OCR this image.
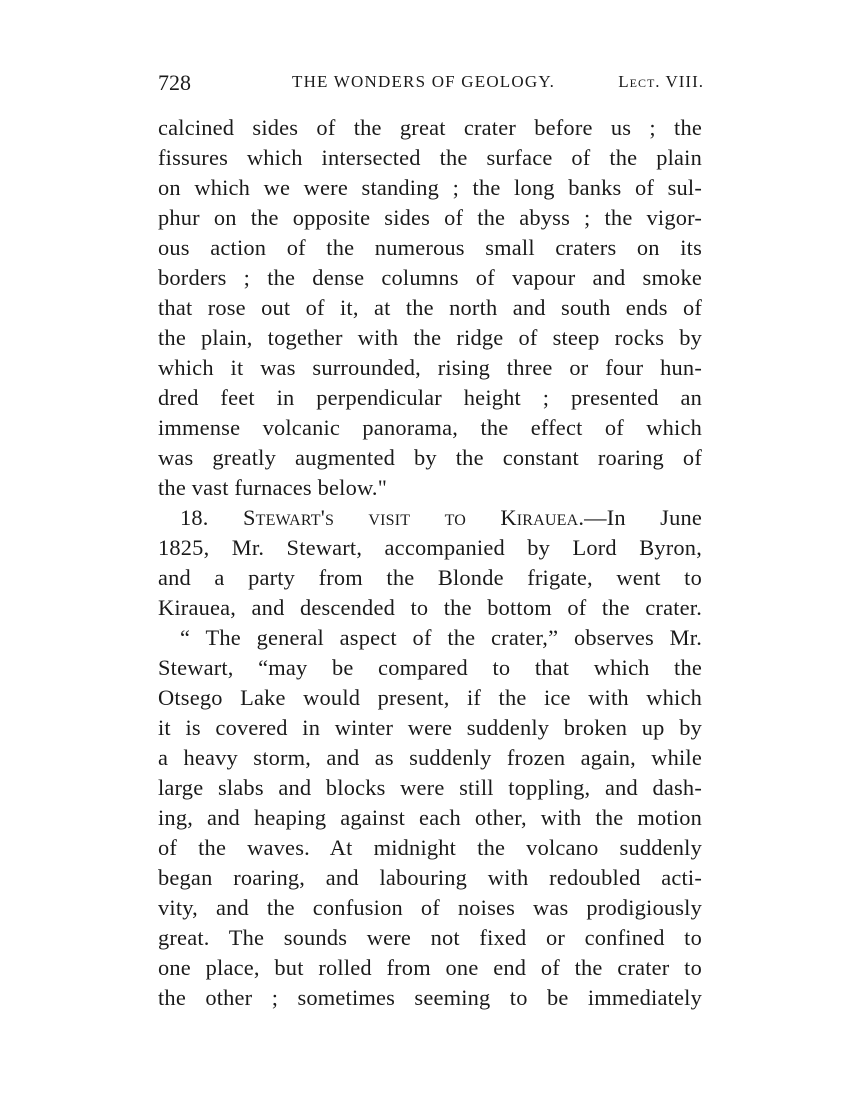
728	THE WONDERS OF GEOLOGY.	Lect. VIII.
calcined sides of the great crater before us ; the
fissures which intersected the surface of the plain
on which we were standing ; the long banks of sul-
phur on the opposite sides of the abyss ; the vigor-
ous action of the numerous small craters on its
borders ; the dense columns of vapour and smoke
that rose out of it, at the north and south ends of
the plain, together with the ridge of steep rocks by
which it was surrounded, rising three or four hun-
dred feet in perpendicular height ; presented an
immense volcanic panorama, the effect of which
was greatly augmented by the constant roaring of
the vast furnaces below."
18. Stewart's visit to Kirauea.—In June
1825, Mr. Stewart, accompanied by Lord Byron,
and a party from the Blonde frigate, went to
Kirauea, and descended to the bottom of the crater.
“ The general aspect of the crater,” observes Mr.
Stewart, “may be compared to that which the
Otsego Lake would present, if the ice with which
it is covered in winter were suddenly broken up by
a heavy storm, and as suddenly frozen again, while
large slabs and blocks were still toppling, and dash-
ing, and heaping against each other, with the motion
of the waves. At midnight the volcano suddenly
began roaring, and labouring with redoubled acti-
vity, and the confusion of noises was prodigiously
great. The sounds were not fixed or confined to
one place, but rolled from one end of the crater to
the other ; sometimes seeming to be immediately
